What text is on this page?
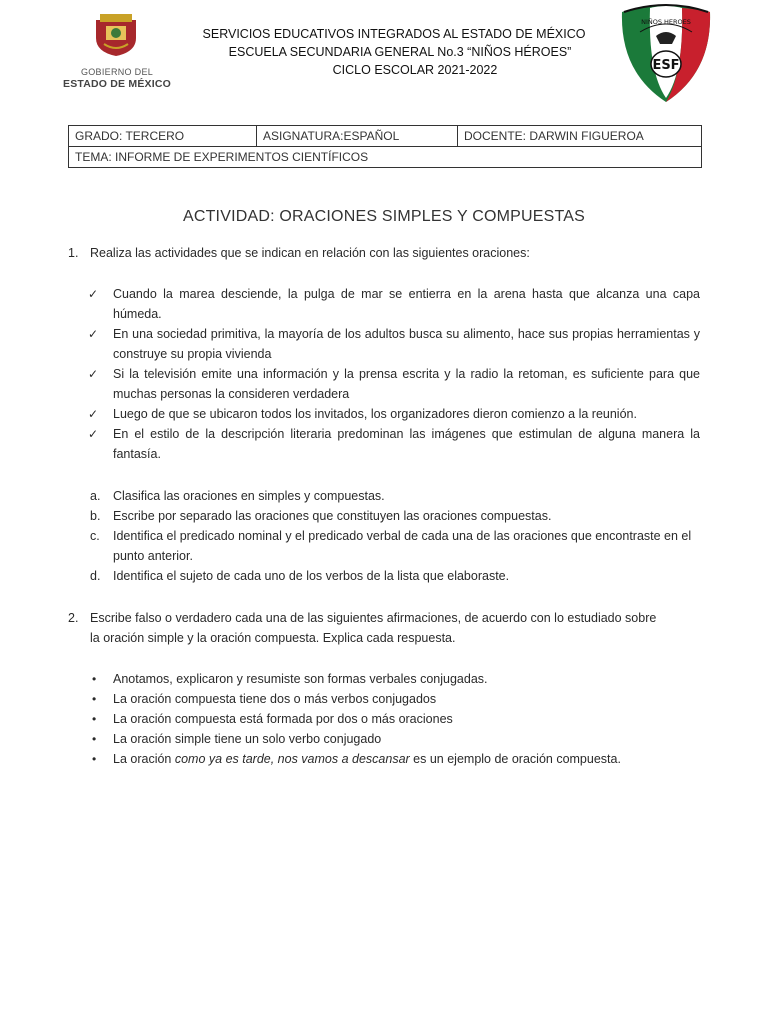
GOBIERNO DEL
ESTADO DE MÉXICO
ESF
NIÑOS HEROES
SERVICIOS EDUCATIVOS INTEGRADOS AL ESTADO DE MÉXICO
ESCUELA SECUNDARIA GENERAL No.3 “NIÑOS HÉROES”
CICLO ESCOLAR 2021-2022
GRADO: TERCERO	ASIGNATURA:ESPAÑOL	DOCENTE: DARWIN FIGUEROA
TEMA: INFORME DE EXPERIMENTOS CIENTÍFICOS
ACTIVIDAD: ORACIONES SIMPLES Y COMPUESTAS
1. Realiza las actividades que se indican en relación con las siguientes oraciones:
✓ Cuando la marea desciende, la pulga de mar se entierra en la arena hasta que alcanza una capa húmeda.
✓ En una sociedad primitiva, la mayoría de los adultos busca su alimento, hace sus propias herramientas y construye su propia vivienda
✓ Si la televisión emite una información y la prensa escrita y la radio la retoman, es suficiente para que muchas personas la consideren verdadera
✓ Luego de que se ubicaron todos los invitados, los organizadores dieron comienzo a la reunión.
✓ En el estilo de la descripción literaria predominan las imágenes que estimulan de alguna manera la fantasía.
a. Clasifica las oraciones en simples y compuestas.
b. Escribe por separado las oraciones que constituyen las oraciones compuestas.
c. Identifica el predicado nominal y el predicado verbal de cada una de las oraciones que encontraste en el punto anterior.
d. Identifica el sujeto de cada uno de los verbos de la lista que elaboraste.
2. Escribe falso o verdadero cada una de las siguientes afirmaciones, de acuerdo con lo estudiado sobre
la oración simple y la oración compuesta. Explica cada respuesta.
• Anotamos, explicaron y resumiste son formas verbales conjugadas.
• La oración compuesta tiene dos o más verbos conjugados
• La oración compuesta está formada por dos o más oraciones
• La oración simple tiene un solo verbo conjugado
• La oración como ya es tarde, nos vamos a descansar es un ejemplo de oración compuesta.
